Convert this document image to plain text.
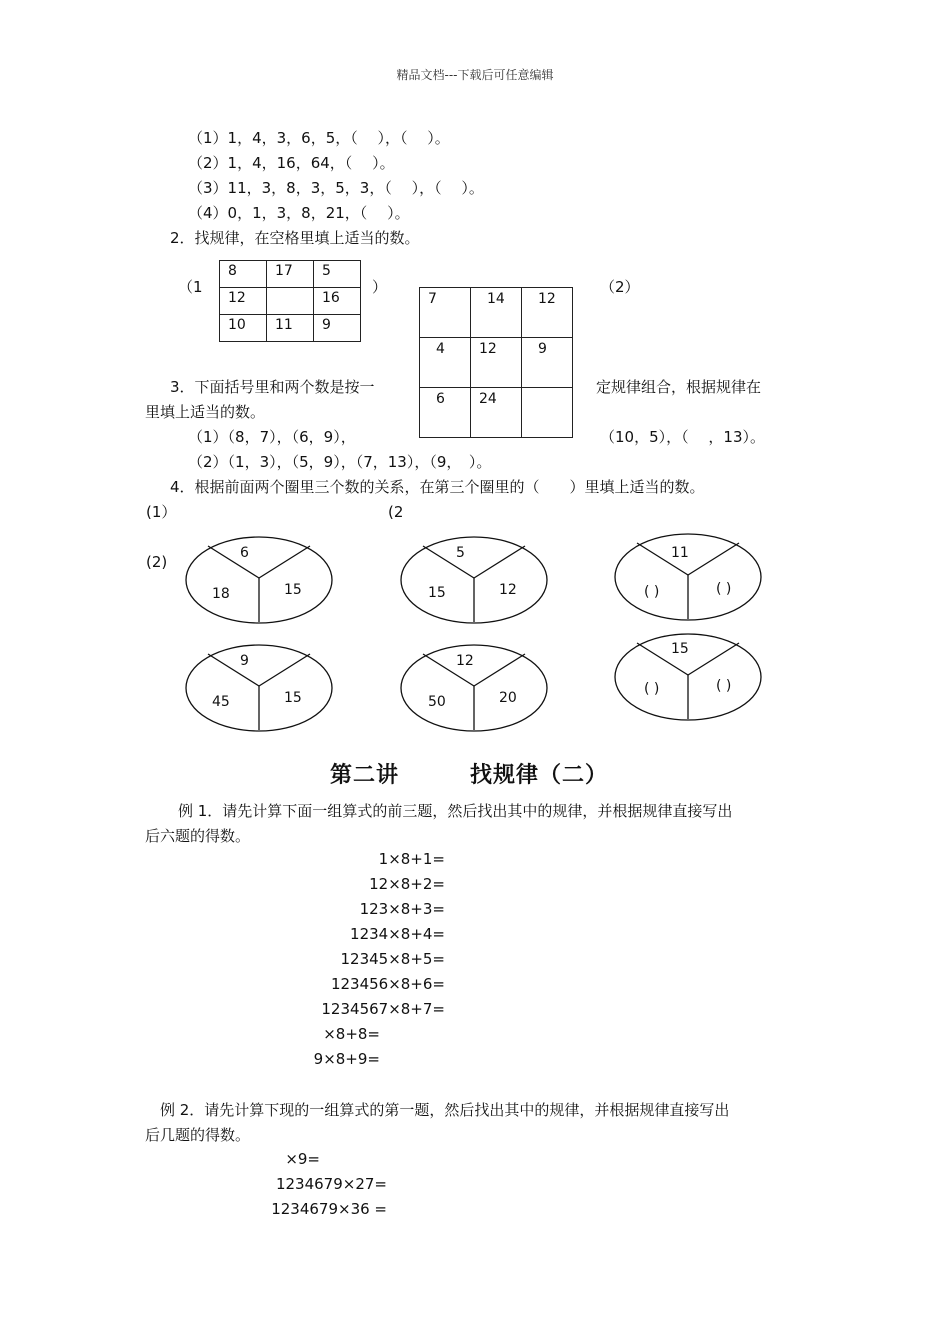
精品文档---下载后可任意编辑
（1）1，4，3，6，5，（　 ），（　 ）。
（2）1，4，16，64，（　 ）。
（3）11，3，8，3，5，3，（　 ），（　 ）。
（4）0，1，3，8，21，（　 ）。
2．找规律，在空格里填上适当的数。
（1	）	（2）
8	17	5
12		16
10	11	9
7	14	12
4	12	9
6	24	
3．下面括号里和两个数是按一	定规律组合，根据规律在
里填上适当的数。
（1）（8，7），（6，9），	（10，5），（　 ，13）。
（2）（1，3），（5，9），（7，13），（9，　）。
4．根据前面两个圈里三个数的关系，在第三个圈里的（　　）里填上适当的数。
(1）	(2
(2)	6
18	15
5
15	12
11
( )	( )
9
45	15
12
50	20
15
( )	( )
第二讲	找规律（二）
例 1．请先计算下面一组算式的前三题，然后找出其中的规律，并根据规律直接写出
后六题的得数。
1×8+1=
12×8+2=
123×8+3=
1234×8+4=
12345×8+5=
123456×8+6=
1234567×8+7=
×8+8=
9×8+9=
例 2．请先计算下现的一组算式的第一题，然后找出其中的规律，并根据规律直接写出
后几题的得数。
×9=
1234679×27=
1234679×36 =
